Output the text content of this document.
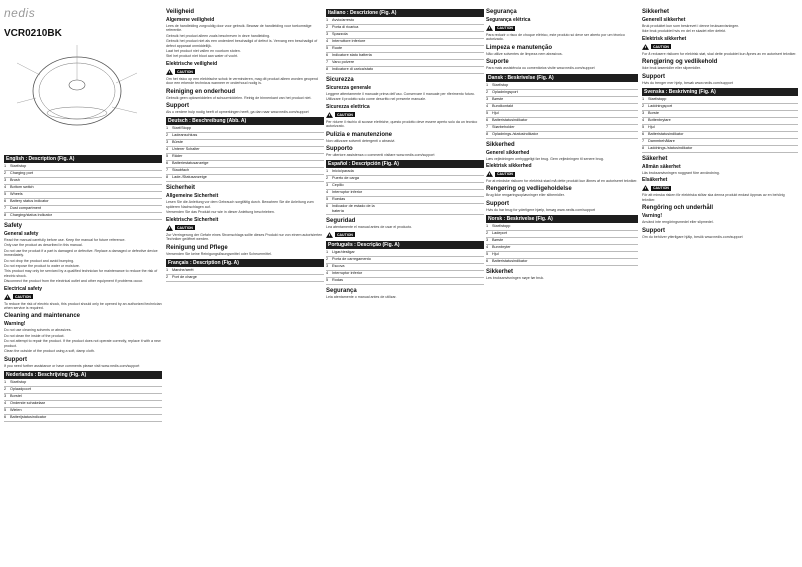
nedis
VCR0210BK
English : Description (Fig. A)
1	Start/stop
2	Charging port
3	Brush
4	Bottom switch
5	Wheels
6	Battery status indicator
7	Dust compartment
8	Charging/status indicator
Safety
General safety
Read the manual carefully before use. Keep the manual for future reference.
Only use the product as described in this manual.
Do not use the product if a part is damaged or defective. Replace a damaged or defective device immediately.
Do not drop the product and avoid bumping.
Do not expose the product to water or moisture.
This product may only be serviced by a qualified technician for maintenance to reduce the risk of electric shock.
Disconnect the product from the electrical outlet and other equipment if problems occur.
Electrical safety
CAUTION
To reduce the risk of electric shock, this product should only be opened by an authorized technician when service is required.
Cleaning and maintenance
Warning!
Do not use cleaning solvents or abrasives.
Do not clean the inside of the product.
Do not attempt to repair the product. If the product does not operate correctly, replace it with a new product.
Clean the outside of the product using a soft, damp cloth.
Support
If you need further assistance or have comments please visit www.nedis.com/support
Nederlands : Beschrijving (Fig. A)
1	Start/stop
2	Oplaadpoort
3	Borstel
4	Onderste schakelaar
5	Wielen
6	Batterijstatusindicator
Veiligheid
Algemene veiligheid
Lees de handleiding zorgvuldig door voor gebruik. Bewaar de handleiding voor toekomstige referentie.
Gebruik het product alleen zoals beschreven in deze handleiding.
Gebruik het product niet als een onderdeel beschadigd of defect is. Vervang een beschadigd of defect apparaat onmiddellijk.
Laat het product niet vallen en voorkom stoten.
Stel het product niet bloot aan water of vocht.
Elektrische veiligheid
CAUTION
Om het risico op een elektrische schok te verminderen, mag dit product alleen worden geopend door een erkende technicus wanneer er onderhoud nodig is.
Reiniging en onderhoud
Gebruik geen oplosmiddelen of schuurmiddelen. Reinig de binnenkant van het product niet.
Support
Als u verdere hulp nodig heeft of opmerkingen heeft, ga dan naar www.nedis.com/support
Deutsch : Beschreibung (Abb. A)
1	Start/Stopp
2	Ladeanschluss
3	Bürste
4	Unterer Schalter
5	Räder
6	Batteriestatusanzeige
7	Staubfach
8	Lade-/Statusanzeige
Sicherheit
Allgemeine Sicherheit
Lesen Sie die Anleitung vor dem Gebrauch sorgfältig durch. Bewahren Sie die Anleitung zum späteren Nachschlagen auf.
Verwenden Sie das Produkt nur wie in dieser Anleitung beschrieben.
Elektrische Sicherheit
CAUTION
Zur Verringerung der Gefahr eines Stromschlags sollte dieses Produkt nur von einem autorisierten Techniker geöffnet werden.
Reinigung und Pflege
Verwenden Sie keine Reinigungslösungsmittel oder Scheuermittel.
Français : Description (Fig. A)
1	Marche/arrêt
2	Port de charge
Italiano : Descrizione (Fig. A)
1	Avvio/arresto
2	Porta di ricarica
3	Spazzola
4	Interruttore inferiore
5	Ruote
6	Indicatore stato batteria
7	Vano polvere
8	Indicatore di carica/stato
Sicurezza
Sicurezza generale
Leggere attentamente il manuale prima dell'uso. Conservare il manuale per riferimento futuro.
Utilizzare il prodotto solo come descritto nel presente manuale.
Sicurezza elettrica
CAUTION
Per ridurre il rischio di scosse elettriche, questo prodotto deve essere aperto solo da un tecnico autorizzato.
Pulizia e manutenzione
Non utilizzare solventi detergenti o abrasivi.
Supporto
Per ulteriore assistenza o commenti visitare www.nedis.com/support
Español : Descripción (Fig. A)
1	Inicio/parada
2	Puerto de carga
3	Cepillo
4	Interruptor inferior
5	Ruedas
6	Indicador de estado de la batería
Seguridad
Lea atentamente el manual antes de usar el producto.
CAUTION
Português : Descrição (Fig. A)
1	Ligar/desligar
2	Porta de carregamento
3	Escova
4	Interruptor inferior
5	Rodas
Segurança
Leia atentamente o manual antes de utilizar.
Segurança
Segurança elétrica
CAUTION
Para reduzir o risco de choque elétrico, este produto só deve ser aberto por um técnico autorizado.
Limpeza e manutenção
Não utilize solventes de limpeza nem abrasivos.
Suporte
Para mais assistência ou comentários visite www.nedis.com/support
Dansk : Beskrivelse (Fig. A)
1	Start/stop
2	Opladningsport
3	Børste
4	Bundkontakt
5	Hjul
6	Batteristatusindikator
7	Støvbeholder
8	Opladnings-/statusindikator
Sikkerhed
Generel sikkerhed
Læs vejledningen omhyggeligt før brug. Gem vejledningen til senere brug.
Elektrisk sikkerhed
CAUTION
For at mindske risikoen for elektrisk stød må dette produkt kun åbnes af en autoriseret tekniker.
Rengøring og vedligeholdelse
Brug ikke rengøringsopløsninger eller slibemidler.
Support
Hvis du har brug for yderligere hjælp, besøg www.nedis.com/support
Norsk : Beskrivelse (Fig. A)
1	Start/stopp
2	Ladeport
3	Børste
4	Bunnbryter
5	Hjul
6	Batteristatusindikator
Sikkerhet
Les bruksanvisningen nøye før bruk.
Sikkerhet
Generell sikkerhet
Bruk produktet kun som beskrevet i denne bruksanvisningen.
Ikke bruk produktet hvis en del er skadet eller defekt.
Elektrisk sikkerhet
CAUTION
For å redusere risikoen for elektrisk støt, skal dette produktet kun åpnes av en autorisert tekniker.
Rengjøring og vedlikehold
Ikke bruk løsemidler eller slipemidler.
Support
Hvis du trenger mer hjelp, besøk www.nedis.com/support
Svenska : Beskrivning (Fig. A)
1	Start/stopp
2	Laddningsport
3	Borste
4	Bottenbrytare
5	Hjul
6	Batteristatusindikator
7	Dammbehållare
8	Laddnings-/statusindikator
Säkerhet
Allmän säkerhet
Läs bruksanvisningen noggrant före användning.
Elsäkerhet
CAUTION
För att minska risken för elektriska stötar ska denna produkt endast öppnas av en behörig tekniker.
Rengöring och underhåll
Varning!
Använd inte rengöringsmedel eller slipmedel.
Support
Om du behöver ytterligare hjälp, besök www.nedis.com/support
